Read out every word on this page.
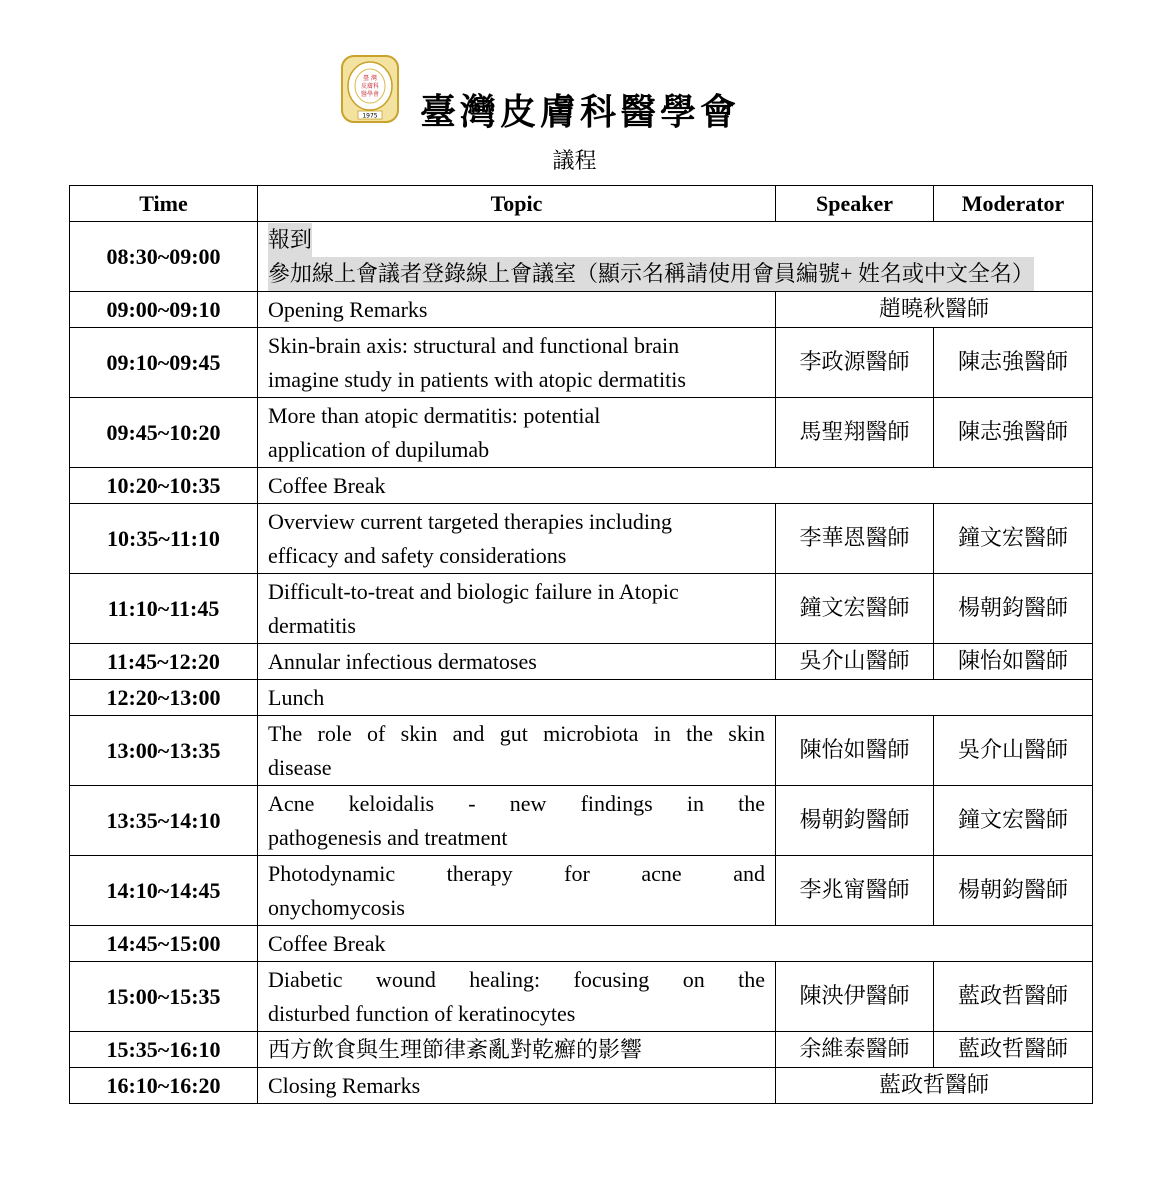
臺 灣
皮膚科
醫學會
1975 臺灣皮膚科醫學會
議程
Time	Topic	Speaker	Moderator
08:30~09:00	報到
參加線上會議者登錄線上會議室（顯示名稱請使用會員編號+ 姓名或中文全名）		

09:00~09:10	Opening Remarks	趙曉秋醫師	
09:10~09:45	Skin-brain axis: structural and functional brain
imagine study in patients with atopic dermatitis	李政源醫師	陳志強醫師
09:45~10:20	More than atopic dermatitis: potential
application of dupilumab	馬聖翔醫師	陳志強醫師
10:20~10:35	Coffee Break		

10:35~11:10	Overview current targeted therapies including
efficacy and safety considerations	李華恩醫師	鐘文宏醫師
11:10~11:45	Difficult-to-treat and biologic failure in Atopic
dermatitis	鐘文宏醫師	楊朝鈞醫師
11:45~12:20	Annular infectious dermatoses	吳介山醫師	陳怡如醫師
12:20~13:00	Lunch		

13:00~13:35	The role of skin and gut microbiota in the skin
disease	陳怡如醫師	吳介山醫師
13:35~14:10	Acne keloidalis - new findings in the
pathogenesis and treatment	楊朝鈞醫師	鐘文宏醫師
14:10~14:45	Photodynamic therapy for acne and
onychomycosis	李兆甯醫師	楊朝鈞醫師
14:45~15:00	Coffee Break		

15:00~15:35	Diabetic wound healing: focusing on the
disturbed function of keratinocytes	陳泱伊醫師	藍政哲醫師
15:35~16:10	西方飲食與生理節律紊亂對乾癬的影響	余維泰醫師	藍政哲醫師
16:10~16:20	Closing Remarks	藍政哲醫師	
